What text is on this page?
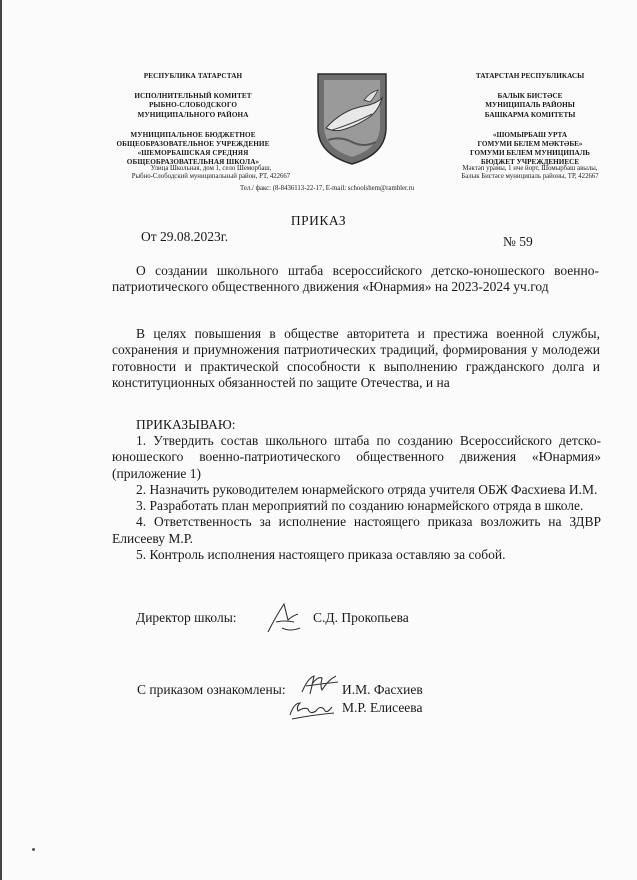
РЕСПУБЛИКА ТАТАРСТАН
ИСПОЛНИТЕЛЬНЫЙ КОМИТЕТ
РЫБНО-СЛОБОДСКОГО
МУНИЦИПАЛЬНОГО РАЙОНА
МУНИЦИПАЛЬНОЕ БЮДЖЕТНОЕ
ОБЩЕОБРАЗОВАТЕЛЬНОЕ УЧРЕЖДЕНИЕ
«ШЕМОРБАШСКАЯ СРЕДНЯЯ
ОБЩЕОБРАЗОВАТЕЛЬНАЯ ШКОЛА»
ТАТАРСТАН РЕСПУБЛИКАСЫ
БАЛЫК БИСТӘСЕ
МУНИЦИПАЛЬ РАЙОНЫ
БАШКАРМА КОМИТЕТЫ
«ШОМЫРБАШ УРТА
ГОМУМИ БЕЛЕМ МӘКТӘБЕ»
ГОМУМИ БЕЛЕМ МУНИЦИПАЛЬ
БЮДЖЕТ УЧРЕЖДЕНИЕСЕ
Улица Школьная, дом 1, село Шеморбаш,
Рыбно-Слободский муниципальный район, РТ, 422667
Мәктәп урамы, 1 нче йорт, Шомырбаш авылы,
Балык Бистәсе муниципаль районы, ТР, 422667
Тел./ факс: (8-8436113-22-17, E-mail: schoolshem@rambler.ru
ПРИКАЗ
От 29.08.2023г.	№ 59
О создании школьного штаба всероссийского детско-юношеского военно-патриотического общественного движения «Юнармия» на 2023-2024 уч.год

В целях повышения в обществе авторитета и престижа военной службы, сохранения и приумножения патриотических традиций, формирования у молодежи готовности и практической способности к выполнению гражданского долга и конституционных обязанностей по защите Отечества, и на

ПРИКАЗЫВАЮ:
1. Утвердить состав школьного штаба по созданию Всероссийского детско-юношеского военно-патриотического общественного движения «Юнармия» (приложение 1)
2. Назначить руководителем юнармейского отряда учителя ОБЖ Фасхиева И.М.
3. Разработать план мероприятий по созданию юнармейского отряда в школе.
4. Ответственность за исполнение настоящего приказа возложить на ЗДВР Елисееву М.Р.
5. Контроль исполнения настоящего приказа оставляю за собой.
Директор школы:	С.Д. Прокопьева
С приказом ознакомлены:	И.М. Фасхиев
М.Р. Елисеева
